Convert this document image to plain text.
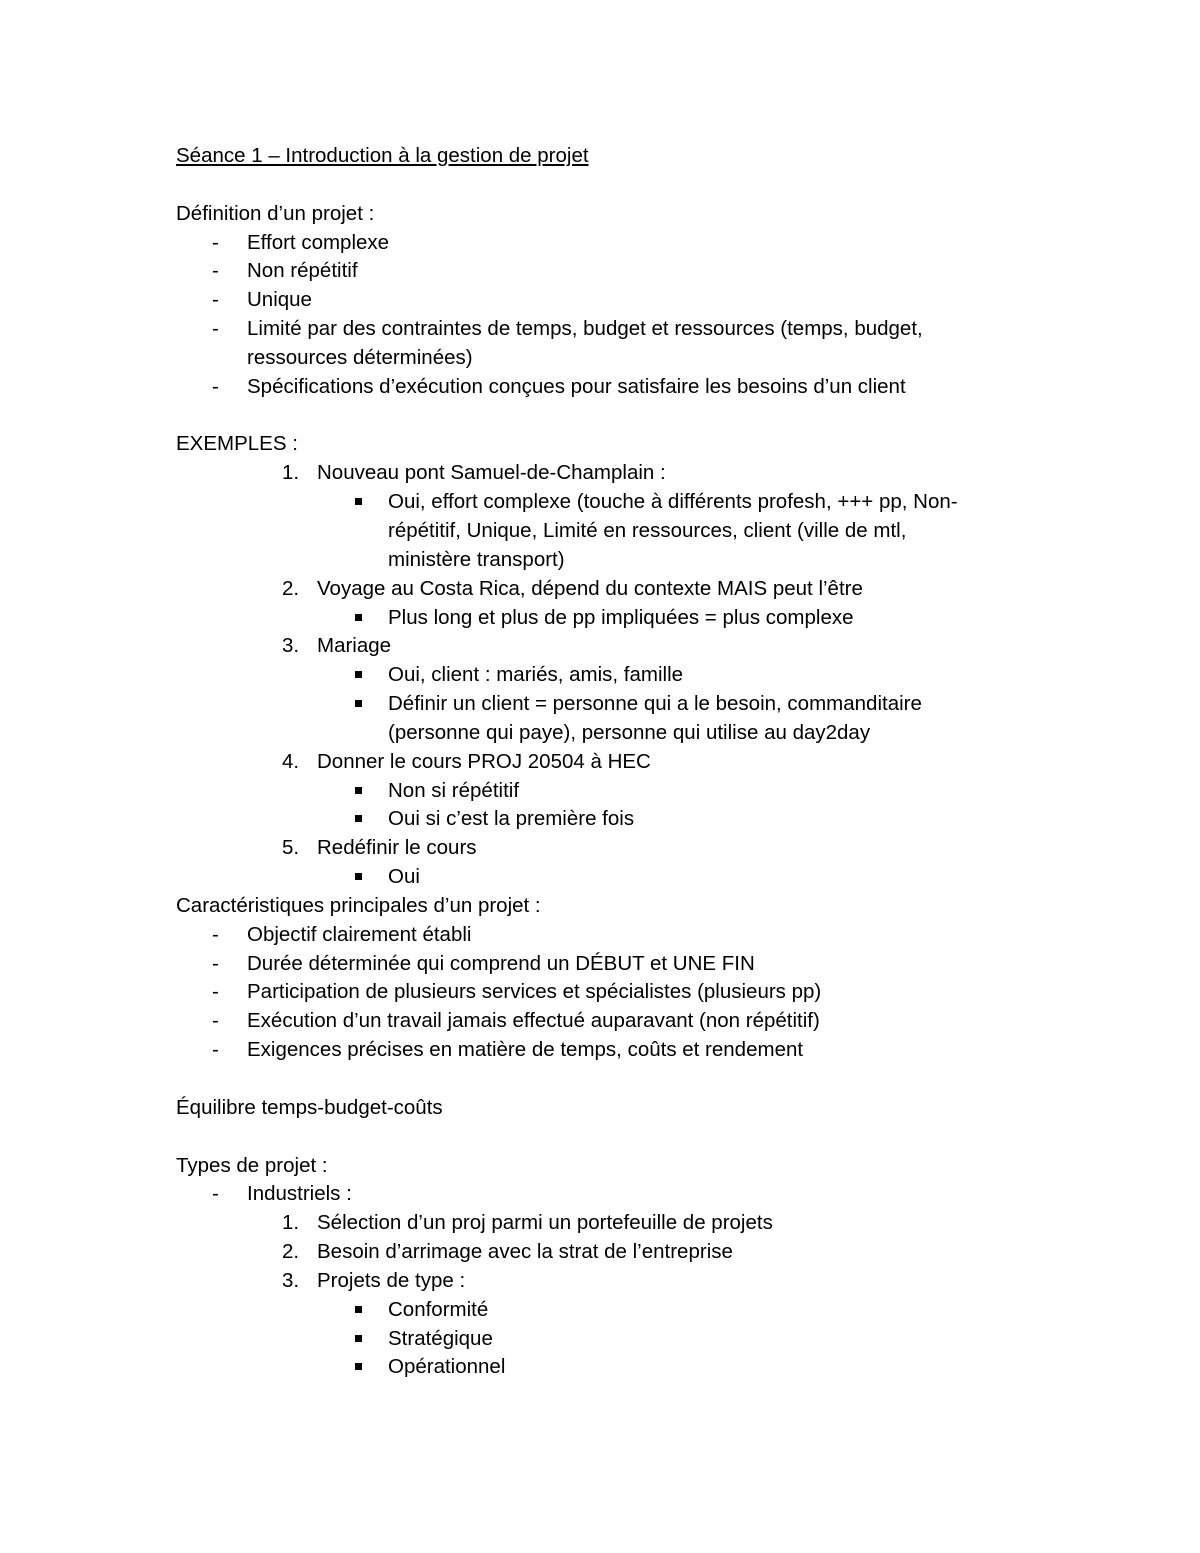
Séance 1 – Introduction à la gestion de projet
Définition d’un projet :
-	Effort complexe
-	Non répétitif
-	Unique
-	Limité par des contraintes de temps, budget et ressources (temps, budget,
ressources déterminées)
-	Spécifications d’exécution conçues pour satisfaire les besoins d’un client
EXEMPLES :
1. Nouveau pont Samuel-de-Champlain :
Oui, effort complexe (touche à différents profesh, +++ pp, Non-
répétitif, Unique, Limité en ressources, client (ville de mtl,
ministère transport)
2. Voyage au Costa Rica, dépend du contexte MAIS peut l’être
Plus long et plus de pp impliquées = plus complexe
3. Mariage
Oui, client : mariés, amis, famille
Définir un client = personne qui a le besoin, commanditaire
(personne qui paye), personne qui utilise au day2day
4. Donner le cours PROJ 20504 à HEC
Non si répétitif
Oui si c’est la première fois
5. Redéfinir le cours
Oui
Caractéristiques principales d’un projet :
-	Objectif clairement établi
-	Durée déterminée qui comprend un DÉBUT et UNE FIN
-	Participation de plusieurs services et spécialistes (plusieurs pp)
-	Exécution d’un travail jamais effectué auparavant (non répétitif)
-	Exigences précises en matière de temps, coûts et rendement
Équilibre temps-budget-coûts
Types de projet :
-	Industriels :
1. Sélection d’un proj parmi un portefeuille de projets
2. Besoin d’arrimage avec la strat de l’entreprise
3. Projets de type :
Conformité
Stratégique
Opérationnel
